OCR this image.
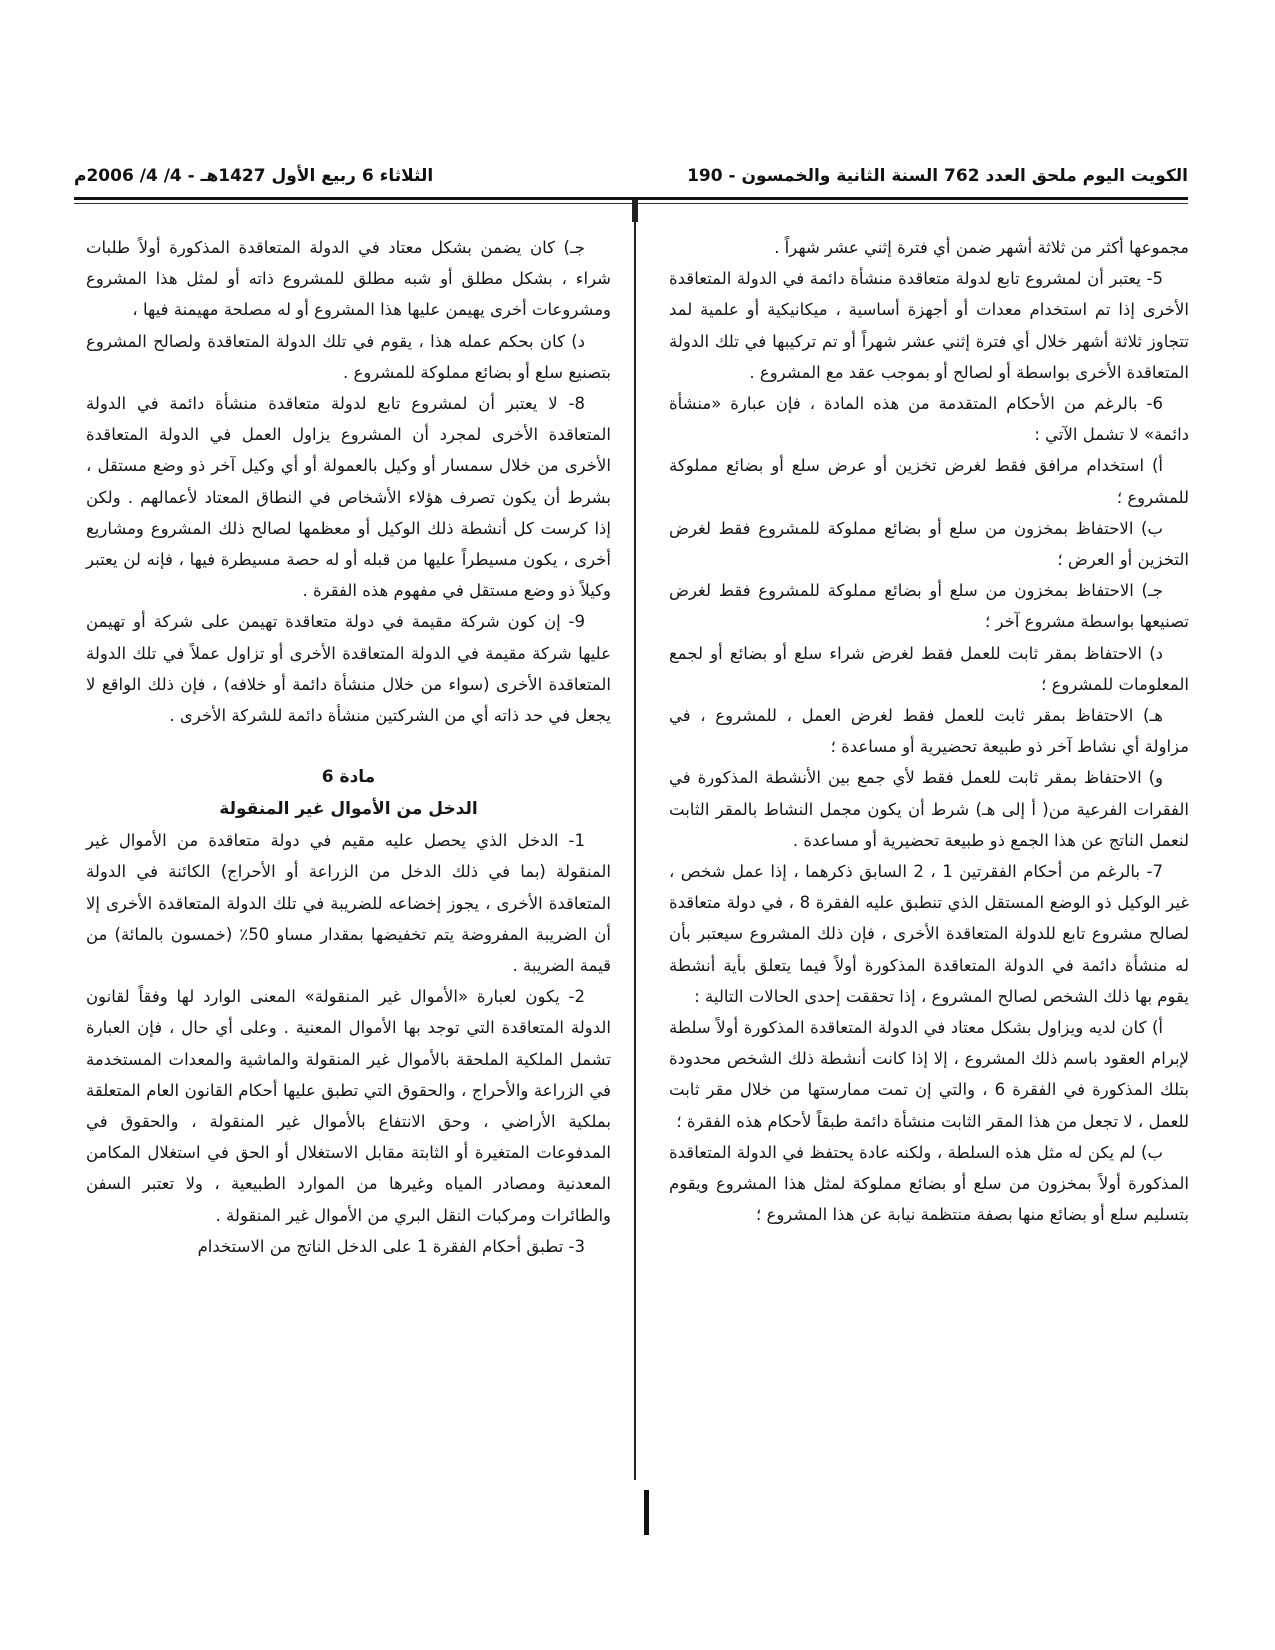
الكويت اليوم ملحق العدد 762 السنة الثانية والخمسون - 190
الثلاثاء 6 ربيع الأول 1427هـ - 4/ 4/ 2006م

مجموعها أكثر من ثلاثة أشهر ضمن أي فترة إثني عشر شهراً .

5- يعتبر أن لمشروع تابع لدولة متعاقدة منشأة دائمة في الدولة المتعاقدة الأخرى إذا تم استخدام معدات أو أجهزة أساسية ، ميكانيكية أو علمية لمد تتجاوز ثلاثة أشهر خلال أي فترة إثني عشر شهراً أو تم تركيبها في تلك الدولة المتعاقدة الأخرى بواسطة أو لصالح أو بموجب عقد مع المشروع .

6- بالرغم من الأحكام المتقدمة من هذه المادة ، فإن عبارة «منشأة دائمة» لا تشمل الآتي :

أ) استخدام مرافق فقط لغرض تخزين أو عرض سلع أو بضائع مملوكة للمشروع ؛

ب) الاحتفاظ بمخزون من سلع أو بضائع مملوكة للمشروع فقط لغرض التخزين أو العرض ؛

جـ) الاحتفاظ بمخزون من سلع أو بضائع مملوكة للمشروع فقط لغرض تصنيعها بواسطة مشروع آخر ؛

د) الاحتفاظ بمقر ثابت للعمل فقط لغرض شراء سلع أو بضائع أو لجمع المعلومات للمشروع ؛

هـ) الاحتفاظ بمقر ثابت للعمل فقط لغرض العمل ، للمشروع ، في مزاولة أي نشاط آخر ذو طبيعة تحضيرية أو مساعدة ؛

و) الاحتفاظ بمقر ثابت للعمل فقط لأي جمع بين الأنشطة المذكورة في الفقرات الفرعية من( أ إلى هـ) شرط أن يكون مجمل النشاط بالمقر الثابت لنعمل الناتج عن هذا الجمع ذو طبيعة تحضيرية أو مساعدة .

7- بالرغم من أحكام الفقرتين 1 ، 2 السابق ذكرهما ، إذا عمل شخص ، غير الوكيل ذو الوضع المستقل الذي تنطبق عليه الفقرة 8 ، في دولة متعاقدة لصالح مشروع تابع للدولة المتعاقدة الأخرى ، فإن ذلك المشروع سيعتبر بأن له منشأة دائمة في الدولة المتعاقدة المذكورة أولاً فيما يتعلق بأية أنشطة يقوم بها ذلك الشخص لصالح المشروع ، إذا تحققت إحدى الحالات التالية :

أ) كان لديه ويزاول بشكل معتاد في الدولة المتعاقدة المذكورة أولاً سلطة لإبرام العقود باسم ذلك المشروع ، إلا إذا كانت أنشطة ذلك الشخص محدودة بتلك المذكورة في الفقرة 6 ، والتي إن تمت ممارستها من خلال مقر ثابت للعمل ، لا تجعل من هذا المقر الثابت منشأة دائمة طبقاً لأحكام هذه الفقرة ؛

ب) لم يكن له مثل هذه السلطة ، ولكنه عادة يحتفظ في الدولة المتعاقدة المذكورة أولاً بمخزون من سلع أو بضائع مملوكة لمثل هذا المشروع ويقوم بتسليم سلع أو بضائع منها بصفة منتظمة نيابة عن هذا المشروع ؛

جـ) كان يضمن بشكل معتاد في الدولة المتعاقدة المذكورة أولاً طلبات شراء ، بشكل مطلق أو شبه مطلق للمشروع ذاته أو لمثل هذا المشروع ومشروعات أخرى يهيمن عليها هذا المشروع أو له مصلحة مهيمنة فيها ،

د) كان بحكم عمله هذا ، يقوم في تلك الدولة المتعاقدة ولصالح المشروع بتصنيع سلع أو بضائع مملوكة للمشروع .

8- لا يعتبر أن لمشروع تابع لدولة متعاقدة منشأة دائمة في الدولة المتعاقدة الأخرى لمجرد أن المشروع يزاول العمل في الدولة المتعاقدة الأخرى من خلال سمسار أو وكيل بالعمولة أو أي وكيل آخر ذو وضع مستقل ، بشرط أن يكون تصرف هؤلاء الأشخاص في النطاق المعتاد لأعمالهم . ولكن إذا كرست كل أنشطة ذلك الوكيل أو معظمها لصالح ذلك المشروع ومشاريع أخرى ، يكون مسيطراً عليها من قبله أو له حصة مسيطرة فيها ، فإنه لن يعتبر وكيلاً ذو وضع مستقل في مفهوم هذه الفقرة .

9- إن كون شركة مقيمة في دولة متعاقدة تهيمن على شركة أو تهيمن عليها شركة مقيمة في الدولة المتعاقدة الأخرى أو تزاول عملاً في تلك الدولة المتعاقدة الأخرى (سواء من خلال منشأة دائمة أو خلافه) ، فإن ذلك الواقع لا يجعل في حد ذاته أي من الشركتين منشأة دائمة للشركة الأخرى .

مادة 6
الدخل من الأموال غير المنقولة

1- الدخل الذي يحصل عليه مقيم في دولة متعاقدة من الأموال غير المنقولة (بما في ذلك الدخل من الزراعة أو الأحراج) الكائنة في الدولة المتعاقدة الأخرى ، يجوز إخضاعه للضريبة في تلك الدولة المتعاقدة الأخرى إلا أن الضريبة المفروضة يتم تخفيضها بمقدار مساو 50٪ (خمسون بالمائة) من قيمة الضريبة .

2- يكون لعبارة «الأموال غير المنقولة» المعنى الوارد لها وفقاً لقانون الدولة المتعاقدة التي توجد بها الأموال المعنية . وعلى أي حال ، فإن العبارة تشمل الملكية الملحقة بالأموال غير المنقولة والماشية والمعدات المستخدمة في الزراعة والأحراج ، والحقوق التي تطبق عليها أحكام القانون العام المتعلقة بملكية الأراضي ، وحق الانتفاع بالأموال غير المنقولة ، والحقوق في المدفوعات المتغيرة أو الثابتة مقابل الاستغلال أو الحق في استغلال المكامن المعدنية ومصادر المياه وغيرها من الموارد الطبيعية ، ولا تعتبر السفن والطائرات ومركبات النقل البري من الأموال غير المنقولة .

3- تطبق أحكام الفقرة 1 على الدخل الناتج من الاستخدام
